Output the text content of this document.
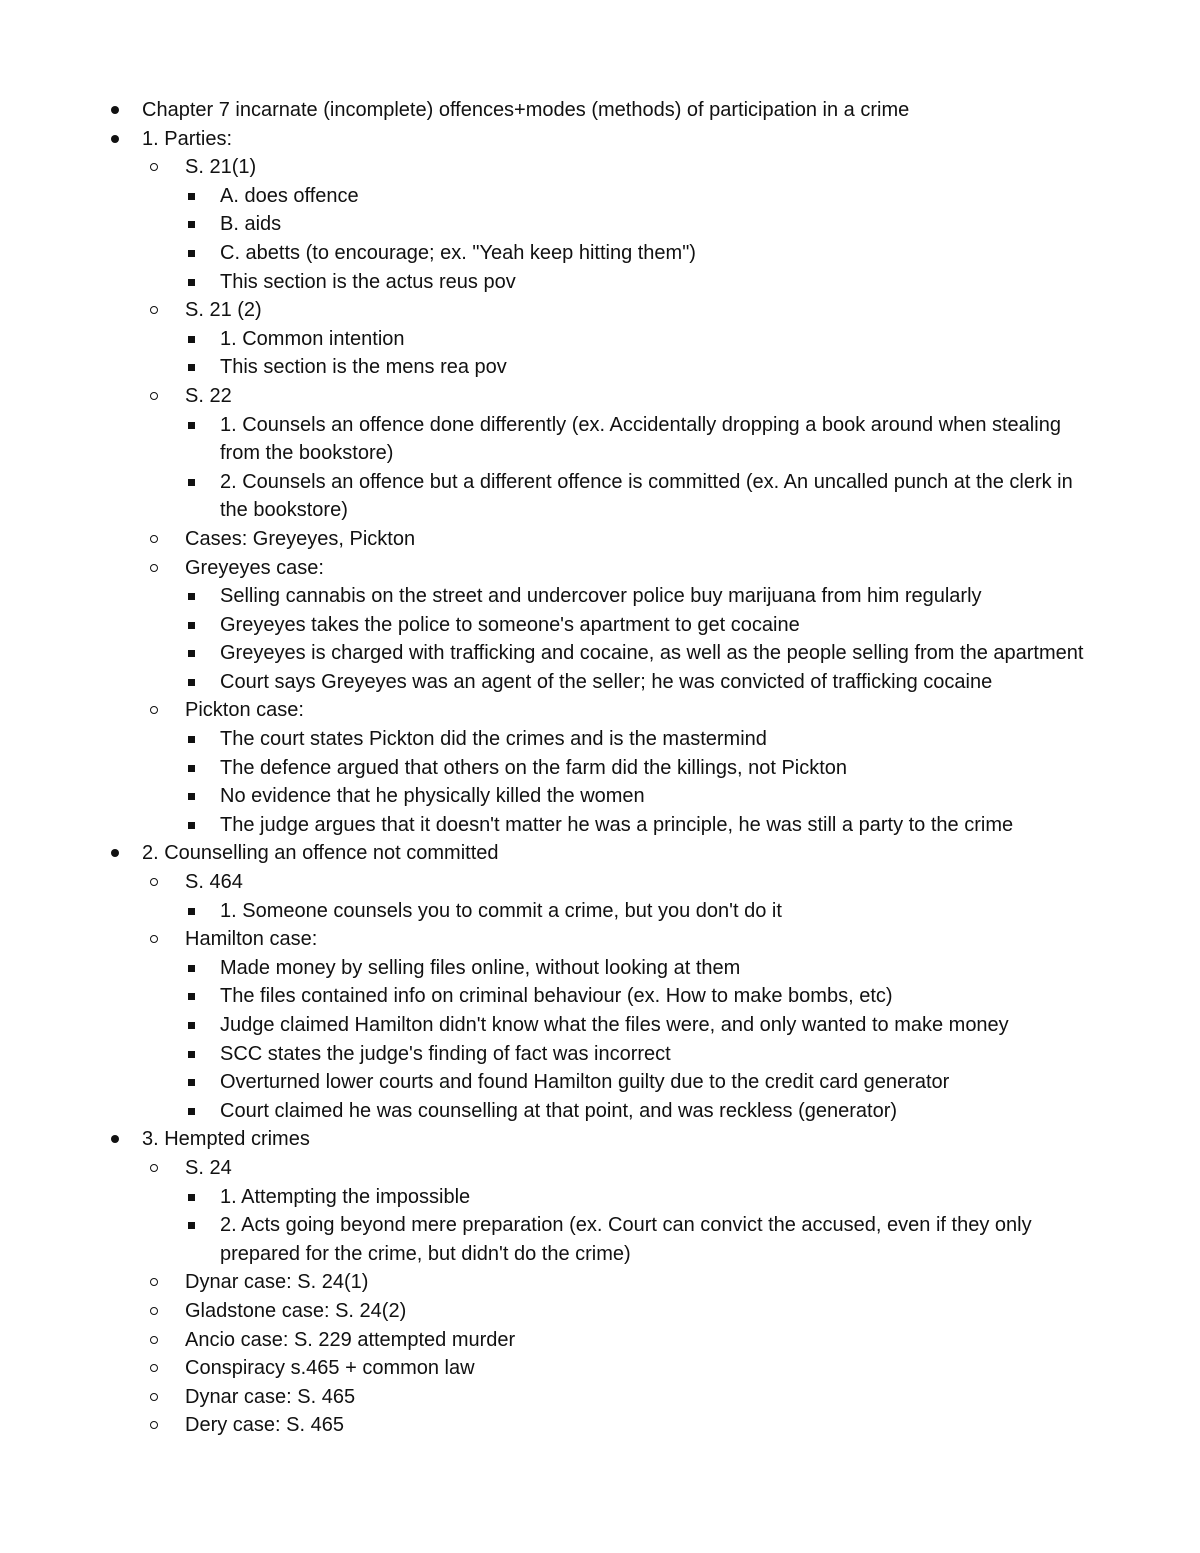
Chapter 7 incarnate (incomplete) offences+modes (methods) of participation in a crime
1. Parties:
S. 21(1)
A. does offence
B. aids
C. abetts (to encourage; ex. "Yeah keep hitting them")
This section is the actus reus pov
S. 21 (2)
1. Common intention
This section is the mens rea pov
S. 22
1. Counsels an offence done differently (ex. Accidentally dropping a book around when stealing from the bookstore)
2. Counsels an offence but a different offence is committed (ex. An uncalled punch at the clerk in the bookstore)
Cases: Greyeyes, Pickton
Greyeyes case:
Selling cannabis on the street and undercover police buy marijuana from him regularly
Greyeyes takes the police to someone's apartment to get cocaine
Greyeyes is charged with trafficking and cocaine, as well as the people selling from the apartment
Court says Greyeyes was an agent of the seller; he was convicted of trafficking cocaine
Pickton case:
The court states Pickton did the crimes and is the mastermind
The defence argued that others on the farm did the killings, not Pickton
No evidence that he physically killed the women
The judge argues that it doesn't matter he was a principle, he was still a party to the crime
2. Counselling an offence not committed
S. 464
1. Someone counsels you to commit a crime, but you don't do it
Hamilton case:
Made money by selling files online, without looking at them
The files contained info on criminal behaviour (ex. How to make bombs, etc)
Judge claimed Hamilton didn't know what the files were, and only wanted to make money
SCC states the judge's finding of fact was incorrect
Overturned lower courts and found Hamilton guilty due to the credit card generator
Court claimed he was counselling at that point, and was reckless (generator)
3. Hempted crimes
S. 24
1. Attempting the impossible
2. Acts going beyond mere preparation (ex. Court can convict the accused, even if they only prepared for the crime, but didn't do the crime)
Dynar case: S. 24(1)
Gladstone case: S. 24(2)
Ancio case: S. 229 attempted murder
Conspiracy s.465 + common law
Dynar case: S. 465
Dery case: S. 465
